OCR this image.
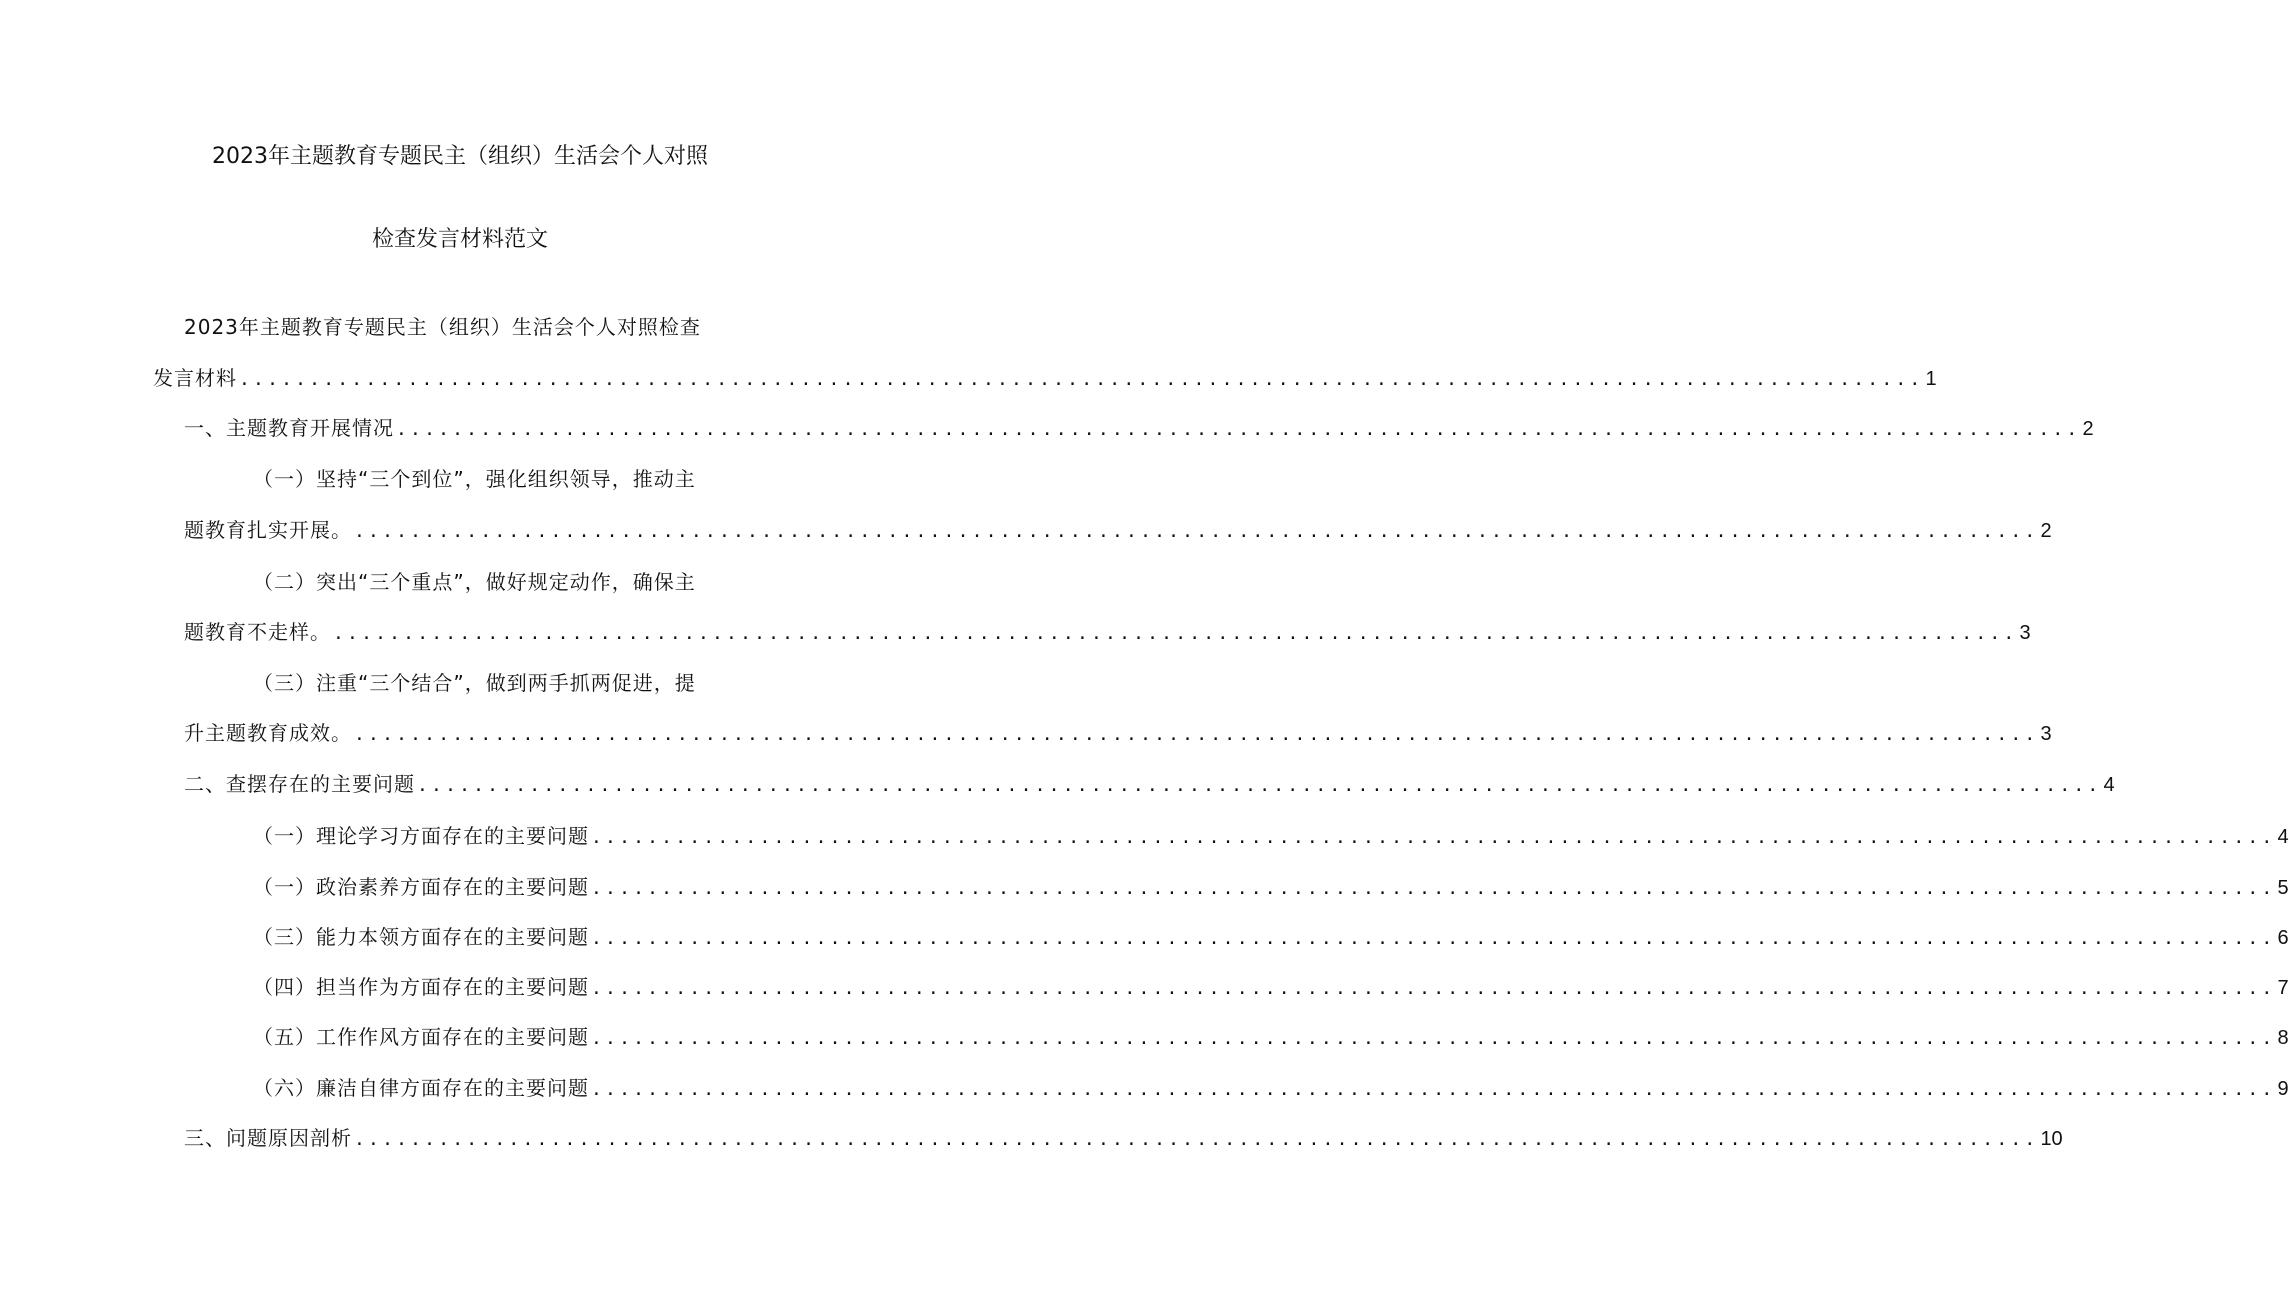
2023年主题教育专题民主（组织）生活会个人对照
检查发言材料范文
2023年主题教育专题民主（组织）生活会个人对照检查
发言材料 ........................................................................................................................ 1
一、主题教育开展情况 ........................................................................................................................ 2
（一）坚持“三个到位”，强化组织领导，推动主
题教育扎实开展。 ........................................................................................................................ 2
（二）突出“三个重点”，做好规定动作，确保主
题教育不走样。 ........................................................................................................................ 3
（三）注重“三个结合”，做到两手抓两促进，提
升主题教育成效。 ........................................................................................................................ 3
二、查摆存在的主要问题 ........................................................................................................................ 4
（一）理论学习方面存在的主要问题 ........................................................................................................................ 4
（一）政治素养方面存在的主要问题 ........................................................................................................................ 5
（三）能力本领方面存在的主要问题 ........................................................................................................................ 6
（四）担当作为方面存在的主要问题 ........................................................................................................................ 7
（五）工作作风方面存在的主要问题 ........................................................................................................................ 8
（六）廉洁自律方面存在的主要问题 ........................................................................................................................ 9
三、问题原因剖析 ........................................................................................................................ 10
